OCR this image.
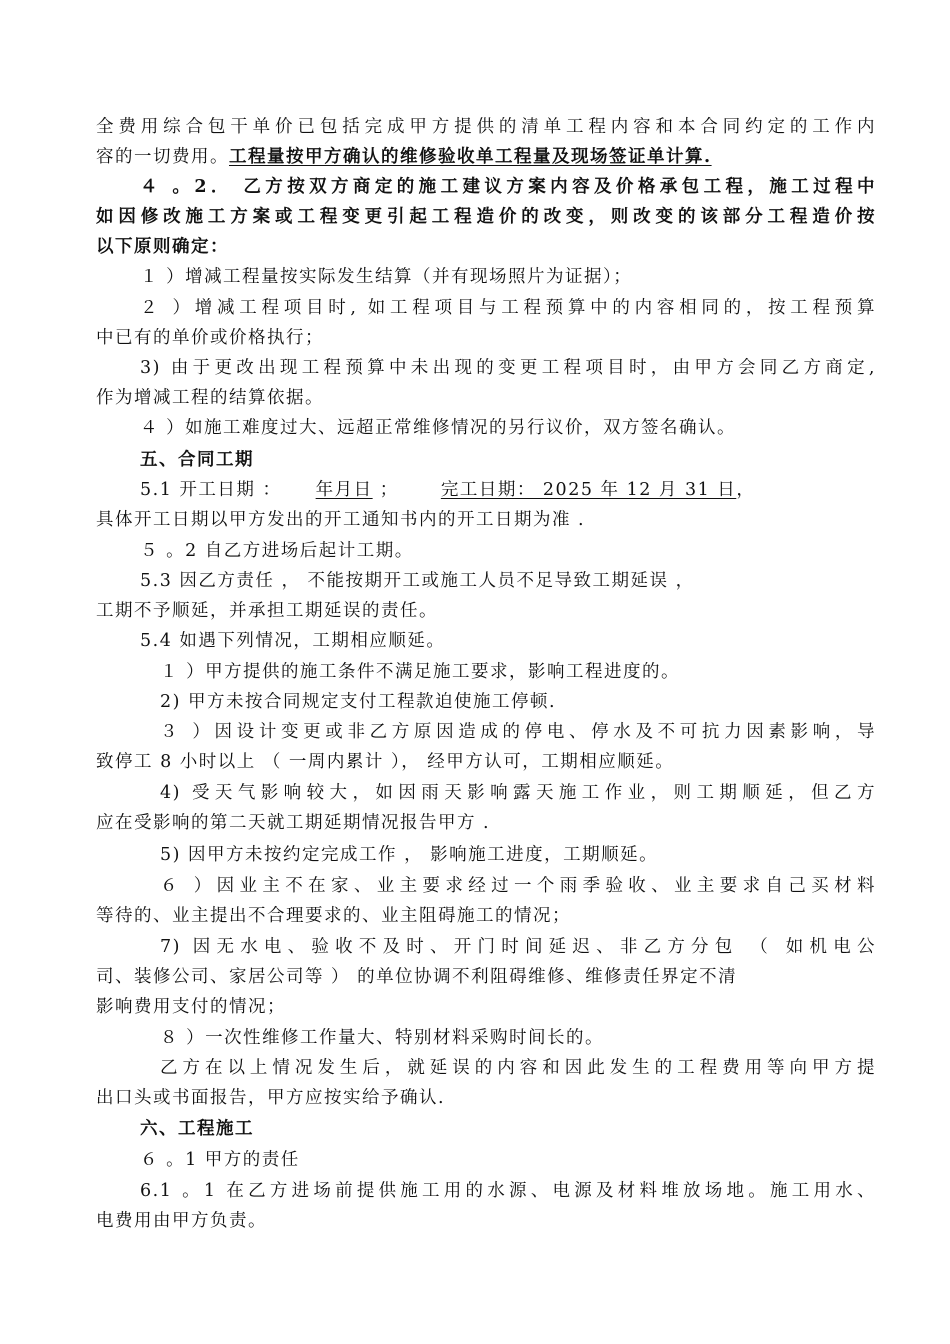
全费用综合包干单价已包括完成甲方提供的清单工程内容和本合同约定的工作内
容的一切费用。工程量按甲方确认的维修验收单工程量及现场签证单计算.
４ 。2． 乙方按双方商定的施工建议方案内容及价格承包工程，施工过程中
如因修改施工方案或工程变更引起工程造价的改变，则改变的该部分工程造价按
以下原则确定：
１ ）增减工程量按实际发生结算（并有现场照片为证据）；
２ ）增减工程项目时, 如工程项目与工程预算中的内容相同的，按工程预算
中已有的单价或价格执行；
3) 由于更改出现工程预算中未出现的变更工程项目时，由甲方会同乙方商定,
作为增减工程的结算依据。
４ ）如施工难度过大、远超正常维修情况的另行议价，双方签名确认。
五、合同工期
5.1 开工日期 ： 年月日 ； 完工日期： 2025 年 12 月 31 日，
具体开工日期以甲方发出的开工通知书内的开工日期为准 .
５ 。2 自乙方进场后起计工期。
5.3 因乙方责任 ， 不能按期开工或施工人员不足导致工期延误 ，
工期不予顺延，并承担工期延误的责任。
5.4 如遇下列情况，工期相应顺延。
１ ）甲方提供的施工条件不满足施工要求，影响工程进度的。
2) 甲方未按合同规定支付工程款迫使施工停顿.
３ ）因设计变更或非乙方原因造成的停电、停水及不可抗力因素影响，导
致停工 8 小时以上 （ 一周内累计 ）， 经甲方认可，工期相应顺延。
4) 受天气影响较大，如因雨天影响露天施工作业，则工期顺延，但乙方
应在受影响的第二天就工期延期情况报告甲方 .
5) 因甲方未按约定完成工作 ， 影响施工进度，工期顺延。
６ ）因业主不在家、业主要求经过一个雨季验收、业主要求自己买材料
等待的、业主提出不合理要求的、业主阻碍施工的情况；
7) 因无水电、验收不及时、开门时间延迟、非乙方分包 （ 如机电公
司、装修公司、家居公司等 ） 的单位协调不利阻碍维修、维修责任界定不清
影响费用支付的情况；
８ ）一次性维修工作量大、特别材料采购时间长的。
乙方在以上情况发生后，就延误的内容和因此发生的工程费用等向甲方提
出口头或书面报告，甲方应按实给予确认.
六、工程施工
６ 。1 甲方的责任
6.1 。1 在乙方进场前提供施工用的水源、电源及材料堆放场地。施工用水、
电费用由甲方负责。
